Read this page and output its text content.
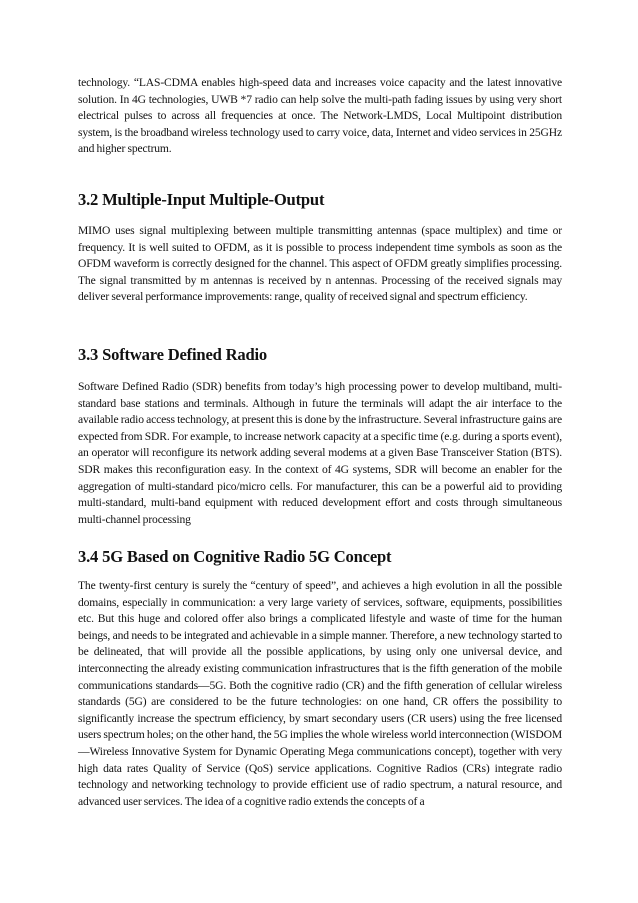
technology. “LAS-CDMA enables high-speed data and increases voice capacity and the latest innovative solution. In 4G technologies, UWB *7 radio can help solve the multi-path fading issues by using very short electrical pulses to across all frequencies at once. The Network-LMDS, Local Multipoint distribution system, is the broadband wireless technology used to carry voice, data, Internet and video services in 25GHz and higher spectrum.

3.2 Multiple-Input Multiple-Output

MIMO uses signal multiplexing between multiple transmitting antennas (space multiplex) and time or frequency. It is well suited to OFDM, as it is possible to process independent time symbols as soon as the OFDM waveform is correctly designed for the channel. This aspect of OFDM greatly simplifies processing. The signal transmitted by m antennas is received by n antennas. Processing of the received signals may deliver several performance improvements: range, quality of received signal and spectrum efficiency.

3.3 Software Defined Radio

Software Defined Radio (SDR) benefits from today’s high processing power to develop multiband, multi-standard base stations and terminals. Although in future the terminals will adapt the air interface to the available radio access technology, at present this is done by the infrastructure. Several infrastructure gains are expected from SDR. For example, to increase network capacity at a specific time (e.g. during a sports event), an operator will reconfigure its network adding several modems at a given Base Transceiver Station (BTS). SDR makes this reconfiguration easy. In the context of 4G systems, SDR will become an enabler for the aggregation of multi-standard pico/micro cells. For manufacturer, this can be a powerful aid to providing multi-standard, multi-band equipment with reduced development effort and costs through simultaneous multi-channel processing

3.4 5G Based on Cognitive Radio 5G Concept

The twenty-first century is surely the “century of speed”, and achieves a high evolution in all the possible domains, especially in communication: a very large variety of services, software, equipments, possibilities etc. But this huge and colored offer also brings a complicated lifestyle and waste of time for the human beings, and needs to be integrated and achievable in a simple manner. Therefore, a new technology started to be delineated, that will provide all the possible applications, by using only one universal device, and interconnecting the already existing communication infrastructures that is the fifth generation of the mobile communications standards—5G. Both the cognitive radio (CR) and the fifth generation of cellular wireless standards (5G) are considered to be the future technologies: on one hand, CR offers the possibility to significantly increase the spectrum efficiency, by smart secondary users (CR users) using the free licensed users spectrum holes; on the other hand, the 5G implies the whole wireless world interconnection (WISDOM—Wireless Innovative System for Dynamic Operating Mega communications concept), together with very high data rates Quality of Service (QoS) service applications. Cognitive Radios (CRs) integrate radio technology and networking technology to provide efficient use of radio spectrum, a natural resource, and advanced user services. The idea of a cognitive radio extends the concepts of a
